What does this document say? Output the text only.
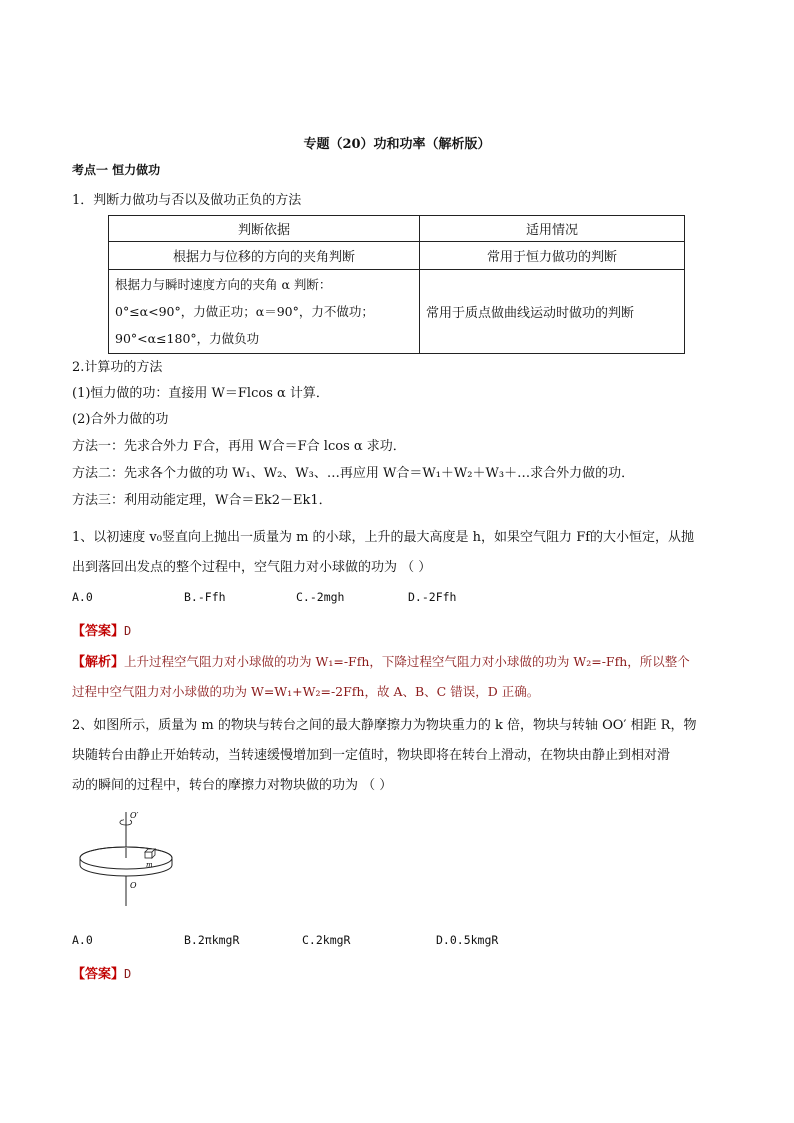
专题（20）功和功率（解析版）
考点一 恒力做功
1．判断力做功与否以及做功正负的方法
判断依据	适用情况
根据力与位移的方向的夹角判断	常用于恒力做功的判断

根据力与瞬时速度方向的夹角 α 判断：
0°≤α<90°，力做正功；α＝90°，力不做功；
90°<α≤180°，力做负功	常用于质点做曲线运动时做功的判断
2.计算功的方法
(1)恒力做的功：直接用 W＝Flcos α 计算．
(2)合外力做的功
方法一：先求合外力 F合，再用 W合＝F合 lcos α 求功．
方法二：先求各个力做的功 W₁、W₂、W₃、…再应用 W合＝W₁＋W₂＋W₃＋…求合外力做的功．
方法三：利用动能定理，W合＝Ek2－Ek1．
1、以初速度 v₀竖直向上抛出一质量为 m 的小球，上升的最大高度是 h，如果空气阻力 Ff的大小恒定，从抛
出到落回出发点的整个过程中，空气阻力对小球做的功为 （ ）
A.0	B.-Ffh	C.-2mgh	D.-2Ffh
【答案】D
【解析】上升过程空气阻力对小球做的功为 W₁=-Ffh，下降过程空气阻力对小球做的功为 W₂=-Ffh，所以整个
过程中空气阻力对小球做的功为 W=W₁+W₂=-2Ffh，故 A、B、C 错误，D 正确。
2、如图所示，质量为 m 的物块与转台之间的最大静摩擦力为物块重力的 k 倍，物块与转轴 OO′ 相距 R，物
块随转台由静止开始转动，当转速缓慢增加到一定值时，物块即将在转台上滑动，在物块由静止到相对滑
动的瞬间的过程中，转台的摩擦力对物块做的功为 （ ）
O′
O
m
A.0	B.2πkmgR	C.2kmgR	D.0.5kmgR
【答案】D
